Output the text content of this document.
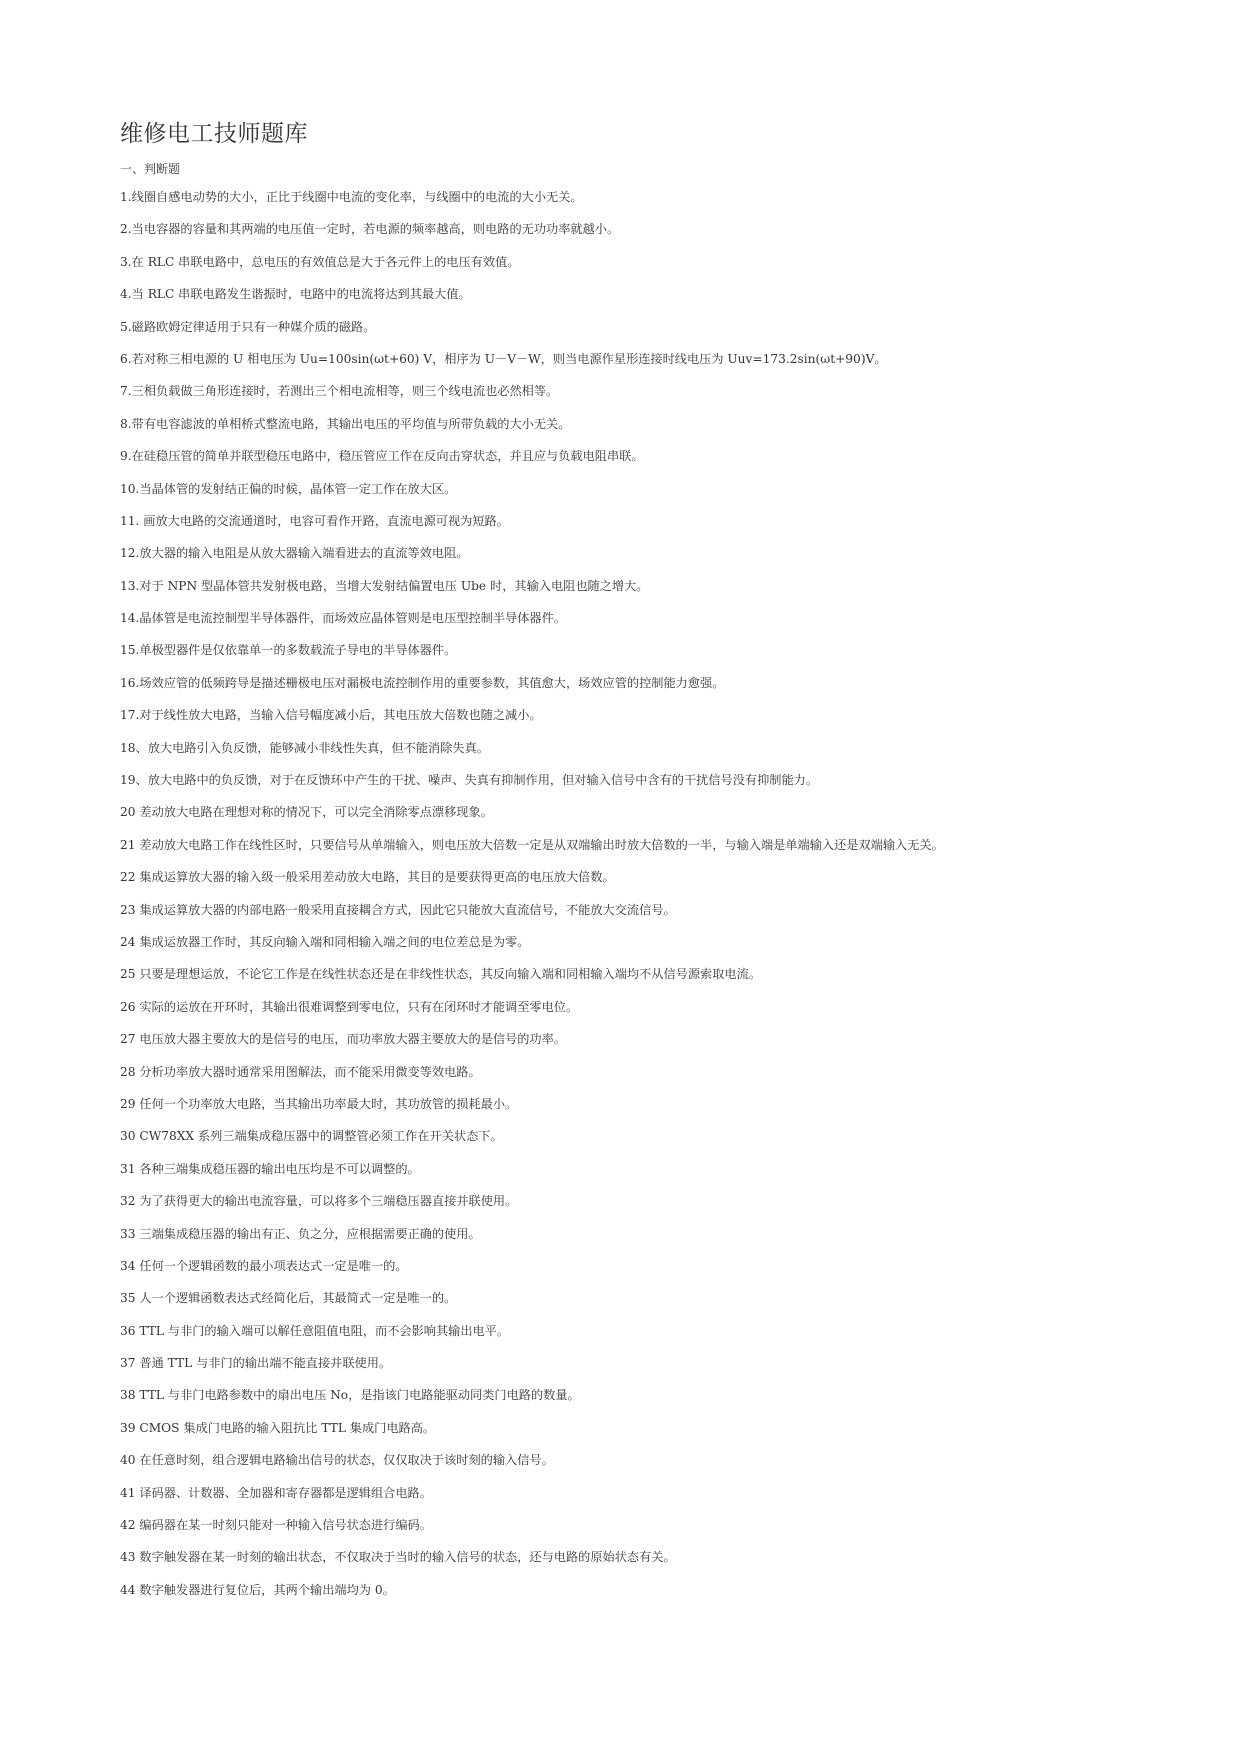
维修电工技师题库
一、判断题
1.线圈自感电动势的大小，正比于线圈中电流的变化率，与线圈中的电流的大小无关。
2.当电容器的容量和其两端的电压值一定时，若电源的频率越高，则电路的无功功率就越小。
3.在 RLC 串联电路中，总电压的有效值总是大于各元件上的电压有效值。
4.当 RLC 串联电路发生谐振时，电路中的电流将达到其最大值。
5.磁路欧姆定律适用于只有一种媒介质的磁路。
6.若对称三相电源的 U 相电压为 Uu=100sin(ωt+60) V，相序为 U－V－W，则当电源作星形连接时线电压为 Uuv=173.2sin(ωt+90)V。
7.三相负载做三角形连接时，若测出三个相电流相等，则三个线电流也必然相等。
8.带有电容滤波的单相桥式整流电路，其输出电压的平均值与所带负载的大小无关。
9.在硅稳压管的简单并联型稳压电路中，稳压管应工作在反向击穿状态，并且应与负载电阻串联。
10.当晶体管的发射结正偏的时候，晶体管一定工作在放大区。
11. 画放大电路的交流通道时，电容可看作开路，直流电源可视为短路。
12.放大器的输入电阻是从放大器输入端看进去的直流等效电阻。
13.对于 NPN 型晶体管共发射极电路，当增大发射结偏置电压 Ube 时，其输入电阻也随之增大。
14.晶体管是电流控制型半导体器件，而场效应晶体管则是电压型控制半导体器件。
15.单极型器件是仅依靠单一的多数载流子导电的半导体器件。
16.场效应管的低频跨导是描述栅极电压对漏极电流控制作用的重要参数，其值愈大，场效应管的控制能力愈强。
17.对于线性放大电路，当输入信号幅度减小后，其电压放大倍数也随之减小。
18、放大电路引入负反馈，能够减小非线性失真，但不能消除失真。
19、放大电路中的负反馈，对于在反馈环中产生的干扰、噪声、失真有抑制作用，但对输入信号中含有的干扰信号没有抑制能力。
20 差动放大电路在理想对称的情况下，可以完全消除零点漂移现象。
21 差动放大电路工作在线性区时，只要信号从单端输入，则电压放大倍数一定是从双端输出时放大倍数的一半，与输入端是单端输入还是双端输入无关。
22 集成运算放大器的输入级一般采用差动放大电路，其目的是要获得更高的电压放大倍数。
23 集成运算放大器的内部电路一般采用直接耦合方式，因此它只能放大直流信号，不能放大交流信号。
24 集成运放器工作时，其反向输入端和同相输入端之间的电位差总是为零。
25 只要是理想运放，不论它工作是在线性状态还是在非线性状态，其反向输入端和同相输入端均不从信号源索取电流。
26 实际的运放在开环时，其输出很难调整到零电位，只有在闭环时才能调至零电位。
27 电压放大器主要放大的是信号的电压，而功率放大器主要放大的是信号的功率。
28 分析功率放大器时通常采用图解法，而不能采用微变等效电路。
29 任何一个功率放大电路，当其输出功率最大时，其功放管的损耗最小。
30 CW78XX 系列三端集成稳压器中的调整管必须工作在开关状态下。
31 各种三端集成稳压器的输出电压均是不可以调整的。
32 为了获得更大的输出电流容量，可以将多个三端稳压器直接并联使用。
33 三端集成稳压器的输出有正、负之分，应根据需要正确的使用。
34 任何一个逻辑函数的最小项表达式一定是唯一的。
35 人一个逻辑函数表达式经简化后，其最简式一定是唯一的。
36 TTL 与非门的输入端可以解任意阻值电阻，而不会影响其输出电平。
37 普通 TTL 与非门的输出端不能直接并联使用。
38 TTL 与非门电路参数中的扇出电压 No，是指该门电路能驱动同类门电路的数量。
39 CMOS 集成门电路的输入阻抗比 TTL 集成门电路高。
40 在任意时刻，组合逻辑电路输出信号的状态，仅仅取决于该时刻的输入信号。
41 译码器、计数器、全加器和寄存器都是逻辑组合电路。
42 编码器在某一时刻只能对一种输入信号状态进行编码。
43 数字触发器在某一时刻的输出状态，不仅取决于当时的输入信号的状态，还与电路的原始状态有关。
44 数字触发器进行复位后，其两个输出端均为 0。
